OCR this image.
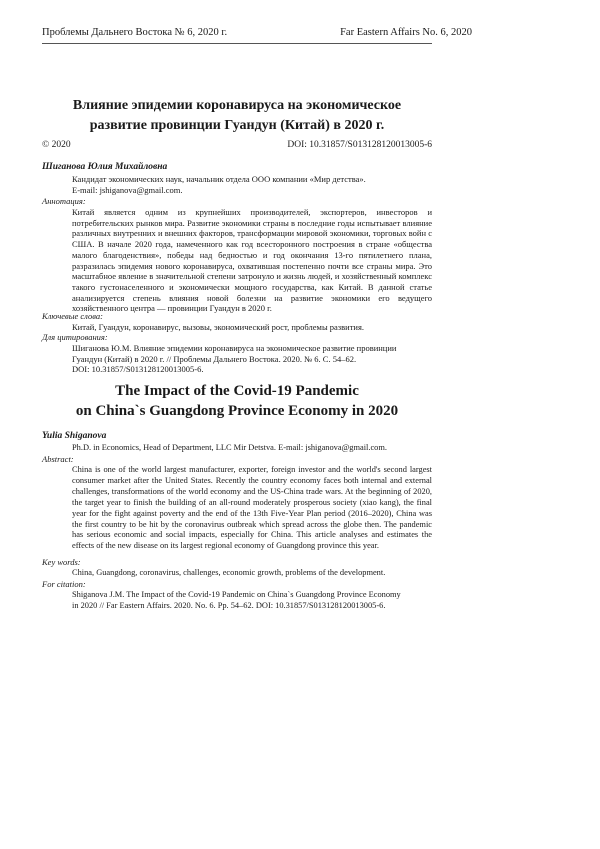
Проблемы Дальнего Востока № 6, 2020 г.	Far Eastern Affairs No. 6, 2020
Влияние эпидемии коронавируса на экономическое
развитие провинции Гуандун (Китай) в 2020 г.
© 2020	DOI: 10.31857/S013128120013005-6
Шиганова Юлия Михайловна
Кандидат экономических наук, начальник отдела ООО компании «Мир детства».
E-mail: jshiganova@gmail.com.
Аннотация:
Китай является одним из крупнейших производителей, экспортеров, инвесторов и потребительских рынков мира. Развитие экономики страны в последние годы испытывает влияние различных внутренних и внешних факторов, трансформации мировой экономики, торговых войн с США. В начале 2020 года, намеченного как год всесторонного построения в стране «общества малого благоденствия», победы над бедностью и год окончания 13-го пятилетнего плана, разразилась эпидемия нового коронавируса, охватившая постепенно почти все страны мира. Это масштабное явление в значительной степени затронуло и жизнь людей, и хозяйственный комплекс такого густонаселенного и экономически мощного государства, как Китай. В данной статье анализируется степень влияния новой болезни на развитие экономики его ведущего хозяйственного центра — провинции Гуандун в 2020 г.
Ключевые слова:
Китай, Гуандун, коронавирус, вызовы, экономический рост, проблемы развития.
Для цитирования:
Шиганова Ю.М. Влияние эпидемии коронавируса на экономическое развитие провинции
Гуандун (Китай) в 2020 г. // Проблемы Дальнего Востока. 2020. № 6. С. 54–62.
DOI: 10.31857/S013128120013005-6.
The Impact of the Covid-19 Pandemic
on China`s Guangdong Province Economy in 2020
Yulia Shiganova
Ph.D. in Economics, Head of Department, LLC Mir Detstva. E-mail: jshiganova@gmail.com.
Abstract:
China is one of the world largest manufacturer, exporter, foreign investor and the world's second largest consumer market after the United States. Recently the country economy faces both internal and external challenges, transformations of the world economy and the US-China trade wars. At the beginning of 2020, the target year to finish the building of an all-round moderately prosperous society (xiao kang), the final year for the fight against poverty and the end of the 13th Five-Year Plan period (2016–2020), China was the first country to be hit by the coronavirus outbreak which spread across the globe then. The pandemic has serious economic and social impacts, especially for China. This article analyses and estimates the effects of the new disease on its largest regional economy of Guangdong province this year.
Key words:
China, Guangdong, coronavirus, challenges, economic growth, problems of the development.
For citation:
Shiganova J.M. The Impact of the Covid-19 Pandemic on China`s Guangdong Province Economy
in 2020 // Far Eastern Affairs. 2020. No. 6. Pp. 54–62. DOI: 10.31857/S013128120013005-6.
